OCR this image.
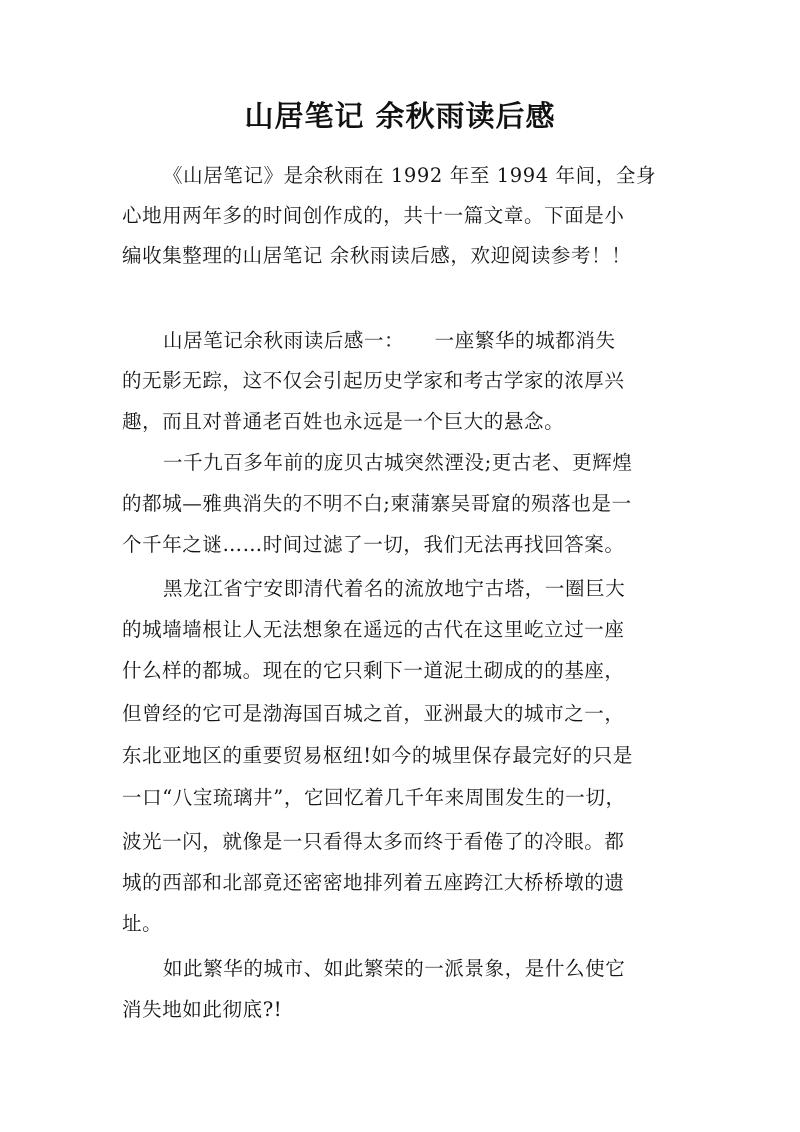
山居笔记 余秋雨读后感
《山居笔记》是余秋雨在 1992 年至 1994 年间，全身
心地用两年多的时间创作成的，共十一篇文章。下面是小
编收集整理的山居笔记 余秋雨读后感，欢迎阅读参考！！
山居笔记余秋雨读后感一：　　一座繁华的城都消失
的无影无踪，这不仅会引起历史学家和考古学家的浓厚兴
趣，而且对普通老百姓也永远是一个巨大的悬念。
一千九百多年前的庞贝古城突然湮没;更古老、更辉煌
的都城—雅典消失的不明不白;柬蒲寨吴哥窟的殒落也是一
个千年之谜……时间过滤了一切，我们无法再找回答案。
黑龙江省宁安即清代着名的流放地宁古塔，一圈巨大
的城墙墙根让人无法想象在遥远的古代在这里屹立过一座
什么样的都城。现在的它只剩下一道泥土砌成的的基座，
但曾经的它可是渤海国百城之首，亚洲最大的城市之一，
东北亚地区的重要贸易枢纽!如今的城里保存最完好的只是
一口“八宝琉璃井”，它回忆着几千年来周围发生的一切，
波光一闪，就像是一只看得太多而终于看倦了的冷眼。都
城的西部和北部竟还密密地排列着五座跨江大桥桥墩的遗
址。
如此繁华的城市、如此繁荣的一派景象，是什么使它
消失地如此彻底?!
